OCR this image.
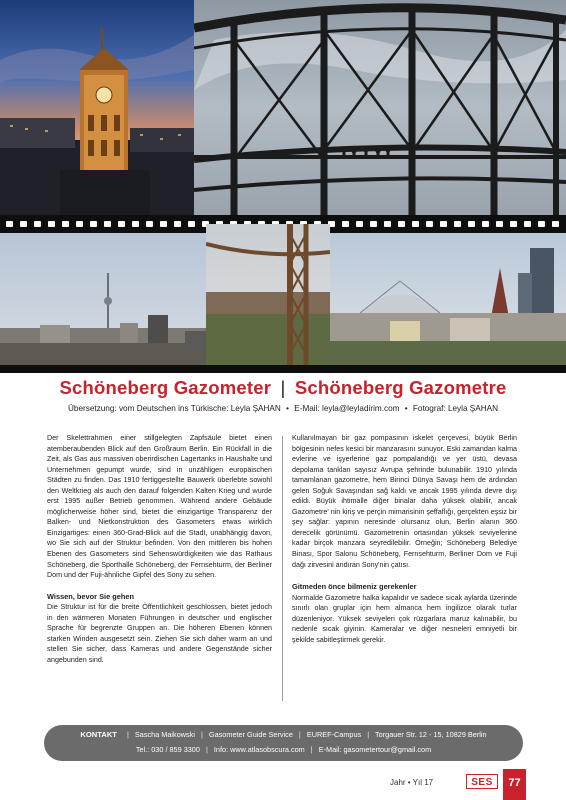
Schöneberg Gazometer | Schöneberg Gazometre
Übersetzung: vom Deutschen ins Türkische: Leyla ŞAHAN • E-Mail: leyla@leyladirim.com • Fotograf: Leyla ŞAHAN

Der Skelettrahmen einer stillgelegten Zapfsäule bietet einen atemberaubenden Blick auf den Großraum Berlin. Ein Rückfall in die Zeit, als Gas aus massiven oberirdischen Lagertanks in Haushalte und Unternehmen gepumpt wurde, sind in unzähligen europäischen Städten zu finden. Das 1910 fertiggestellte Bauwerk überlebte sowohl den Weltkrieg als auch den darauf folgenden Kalten Krieg und wurde erst 1995 außer Betrieb genommen. Während andere Gebäude möglicherweise höher sind, bietet die einzigartige Transparenz der Balken- und Nietkonstruktion des Gasometers etwas wirklich Einzigartiges: einen 360-Grad-Blick auf die Stadt, unabhängig davon, wo Sie sich auf der Struktur befinden. Von den mittleren bis hohen Ebenen des Gasometers sind Sehenswürdigkeiten wie das Rathaus Schöneberg, die Sporthalle Schöneberg, der Fernsehturm, der Berliner Dom und der Fuji-ähnliche Gipfel des Sony zu sehen.

Wissen, bevor Sie gehen

Die Struktur ist für die breite Öffentlichkeit geschlossen, bietet jedoch in den wärmeren Monaten Führungen in deutscher und englischer Sprache für begrenzte Gruppen an. Die höheren Ebenen können starken Winden ausgesetzt sein. Ziehen Sie sich daher warm an und stellen Sie sicher, dass Kameras und andere Gegenstände sicher angebunden sind.

Kullanılmayan bir gaz pompasının iskelet çerçevesi, büyük Berlin bölgesinin nefes kesici bir manzarasını sunuyor. Eski zamandan kalma evlerine ve işyerlerine gaz pompalandığı ve yer üstü, devasa depolama tankları sayısız Avrupa şehrinde bulunabilir. 1910 yılında tamamlanan gazometre, hem Birinci Dünya Savaşı hem de ardından gelen Soğuk Savaşından sağ kaldı ve ancak 1995 yılında devre dışı edildi. Büyük ihtimalle diğer binalar daha yüksek olabilir, ancak Gazometre' nin kiriş ve perçin mimarisinin şeffaflığı, gerçekten eşsiz bir şey sağlar: yapının neresinde olursanız olun, Berlin alanın 360 derecelik görünümü. Gazometrenin ortasından yüksek seviyelerine kadar birçok manzara seyredilebilir. Örneğin; Schöneberg Belediye Binası, Spor Salonu Schöneberg, Fernsehturm, Berliner Dom ve Fuji dağı zirvesini andıran Sony'nin çatısı.

Gitmeden önce bilmeniz gerekenler

Normalde Gazometre halka kapalıdır ve sadece sıcak aylarda üzerinde sınırlı olan gruplar için hem almanca hem ingilizce olarak turlar düzenleniyor. Yüksek seviyeleri çok rüzgarlara maruz kalınabilir, bu nedenle sıcak giyinin. Kameralar ve diğer nesneleri emniyetli bir şekilde sabitleştirmek gerekir.

KONTAKT | Sascha Maikowski | Gasometer Guide Service | EUREF-Campus | Torgauer Str. 12 - 15, 10829 Berlin
Tel.: 030 / 859 3300 | Info: www.atlasobscura.com | E-Mail: gasometertour@gmail.com
Jahr • Yıl 17	SES	77
